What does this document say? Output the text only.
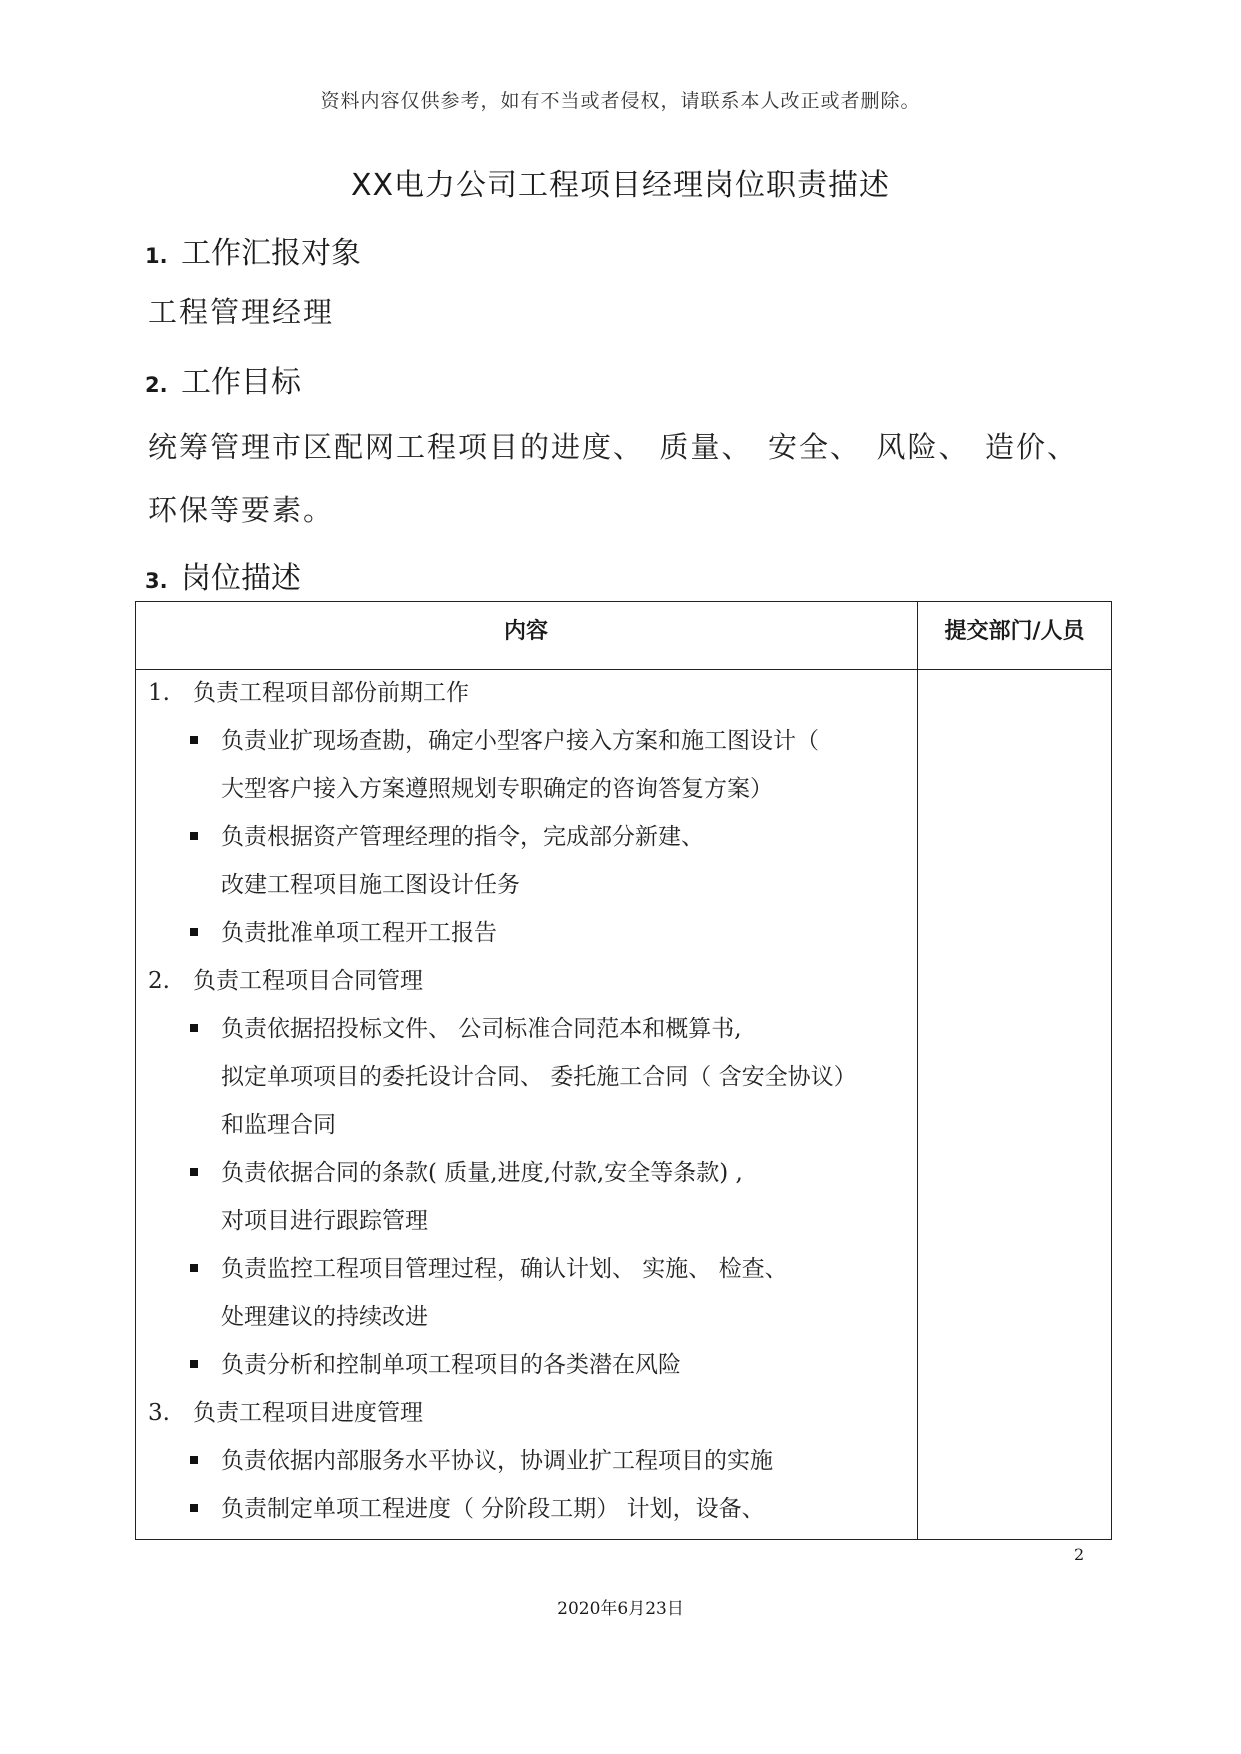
资料内容仅供参考，如有不当或者侵权，请联系本人改正或者删除。
XX电力公司工程项目经理岗位职责描述
1. 工作汇报对象
工程管理经理
2. 工作目标
统筹管理市区配网工程项目的进度、 质量、 安全、 风险、 造价、
环保等要素。
3. 岗位描述
内容	提交部门/人员
1.　负责工程项目部份前期工作
负责业扩现场查勘，确定小型客户接入方案和施工图设计（
大型客户接入方案遵照规划专职确定的咨询答复方案）
负责根据资产管理经理的指令，完成部分新建、
改建工程项目施工图设计任务
负责批准单项工程开工报告
2.　负责工程项目合同管理
负责依据招投标文件、 公司标准合同范本和概算书,
拟定单项项目的委托设计合同、 委托施工合同（ 含安全协议）
和监理合同
负责依据合同的条款( 质量,进度,付款,安全等条款) ,
对项目进行跟踪管理
负责监控工程项目管理过程，确认计划、 实施、 检查、
处理建议的持续改进
负责分析和控制单项工程项目的各类潜在风险
3.　负责工程项目进度管理
负责依据内部服务水平协议，协调业扩工程项目的实施
负责制定单项工程进度（ 分阶段工期） 计划，设备、
2
2020年6月23日
